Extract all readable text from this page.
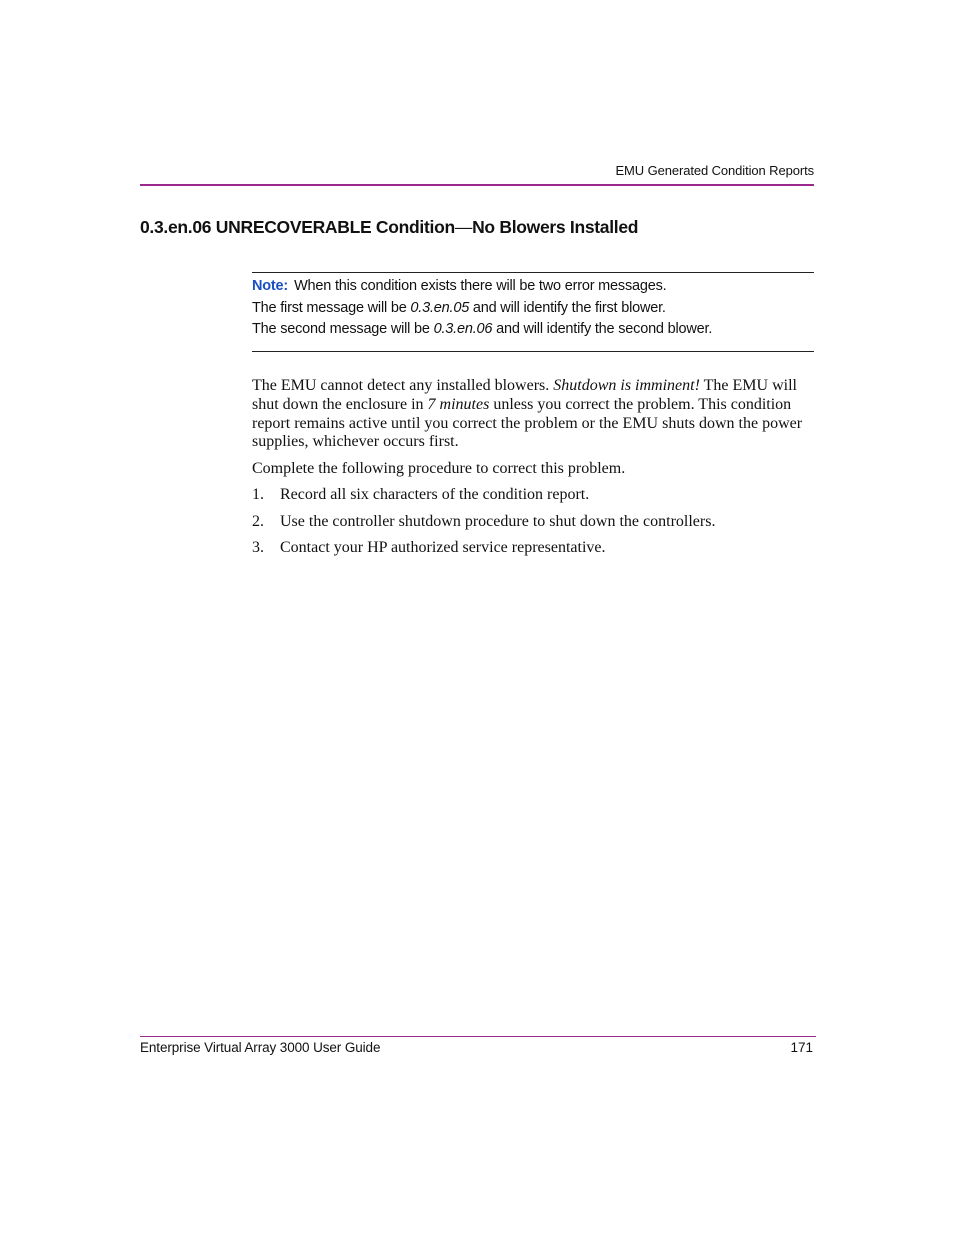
EMU Generated Condition Reports
0.3.en.06 UNRECOVERABLE Condition—No Blowers Installed
Note: When this condition exists there will be two error messages.
The first message will be 0.3.en.05 and will identify the first blower.
The second message will be 0.3.en.06 and will identify the second blower.

The EMU cannot detect any installed blowers. Shutdown is imminent! The EMU will shut down the enclosure in 7 minutes unless you correct the problem. This condition report remains active until you correct the problem or the EMU shuts down the power supplies, whichever occurs first.

Complete the following procedure to correct this problem.

1. Record all six characters of the condition report.
2. Use the controller shutdown procedure to shut down the controllers.
3. Contact your HP authorized service representative.
Enterprise Virtual Array 3000 User Guide	171
